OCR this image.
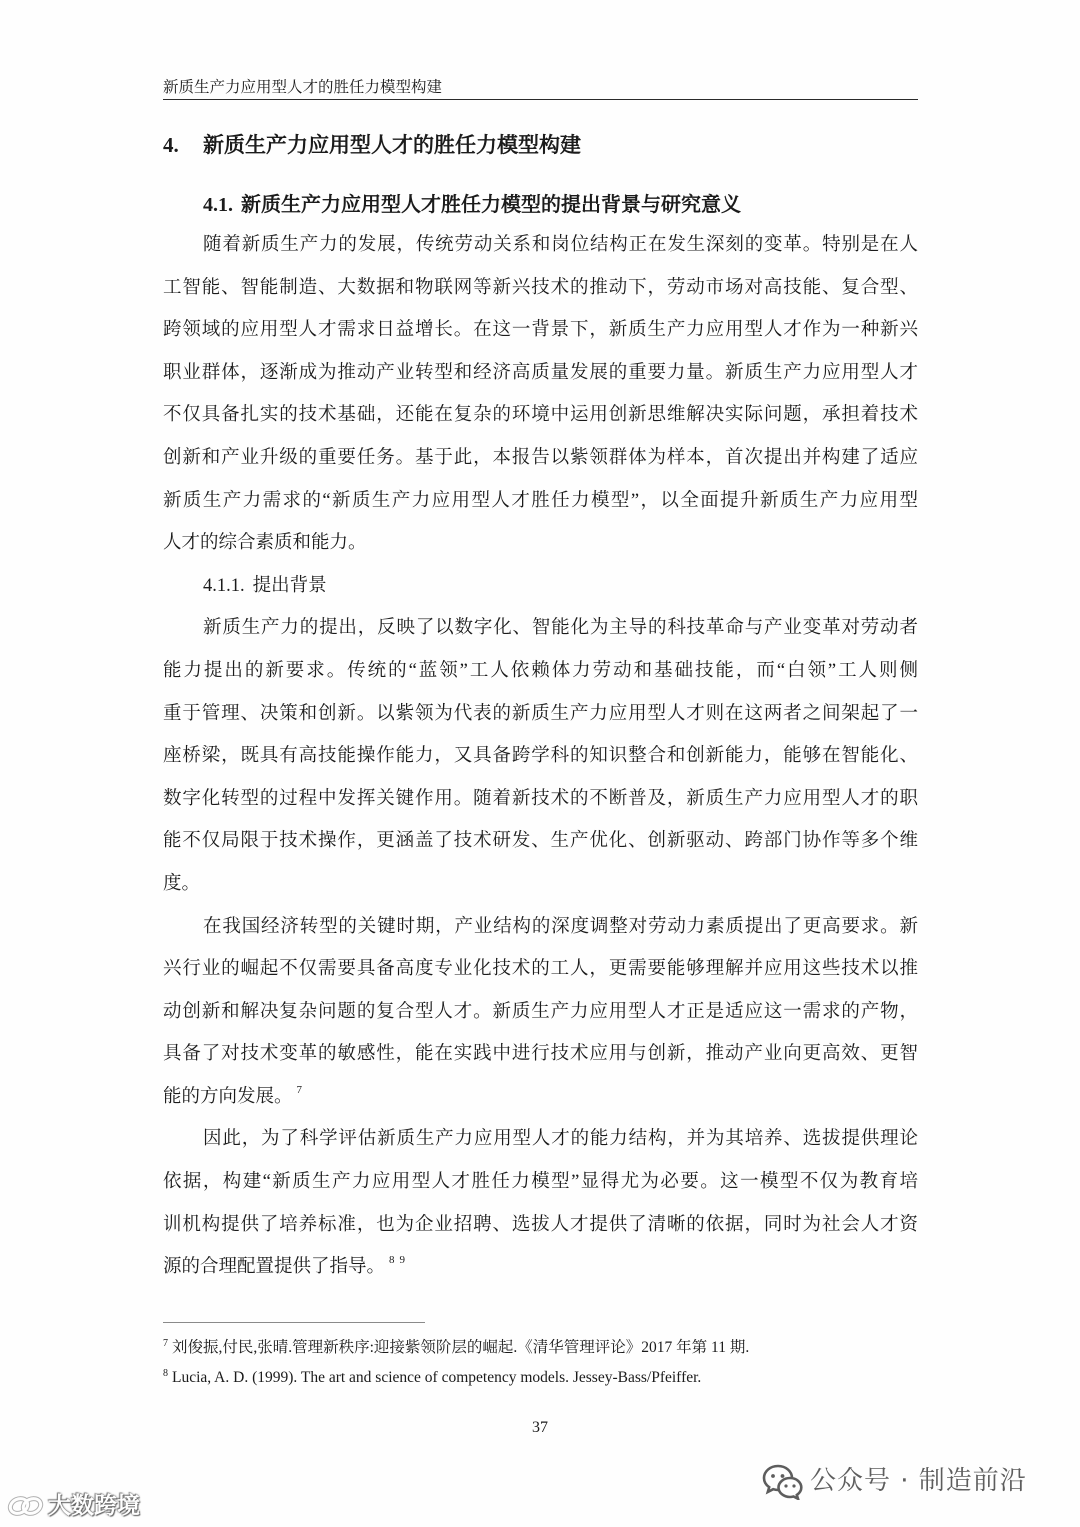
新质生产力应用型人才的胜任力模型构建
4. 新质生产力应用型人才的胜任力模型构建
4.1. 新质生产力应用型人才胜任力模型的提出背景与研究意义
随着新质生产力的发展，传统劳动关系和岗位结构正在发生深刻的变革。特别是在人
工智能、智能制造、大数据和物联网等新兴技术的推动下，劳动市场对高技能、复合型、
跨领域的应用型人才需求日益增长。在这一背景下，新质生产力应用型人才作为一种新兴
职业群体，逐渐成为推动产业转型和经济高质量发展的重要力量。新质生产力应用型人才
不仅具备扎实的技术基础，还能在复杂的环境中运用创新思维解决实际问题，承担着技术
创新和产业升级的重要任务。基于此，本报告以紫领群体为样本，首次提出并构建了适应
新质生产力需求的“新质生产力应用型人才胜任力模型”，以全面提升新质生产力应用型
人才的综合素质和能力。
4.1.1. 提出背景
新质生产力的提出，反映了以数字化、智能化为主导的科技革命与产业变革对劳动者
能力提出的新要求。传统的“蓝领”工人依赖体力劳动和基础技能，而“白领”工人则侧
重于管理、决策和创新。以紫领为代表的新质生产力应用型人才则在这两者之间架起了一
座桥梁，既具有高技能操作能力，又具备跨学科的知识整合和创新能力，能够在智能化、
数字化转型的过程中发挥关键作用。随着新技术的不断普及，新质生产力应用型人才的职
能不仅局限于技术操作，更涵盖了技术研发、生产优化、创新驱动、跨部门协作等多个维
度。
在我国经济转型的关键时期，产业结构的深度调整对劳动力素质提出了更高要求。新
兴行业的崛起不仅需要具备高度专业化技术的工人，更需要能够理解并应用这些技术以推
动创新和解决复杂问题的复合型人才。新质生产力应用型人才正是适应这一需求的产物，
具备了对技术变革的敏感性，能在实践中进行技术应用与创新，推动产业向更高效、更智
能的方向发展。 $^7$
因此，为了科学评估新质生产力应用型人才的能力结构，并为其培养、选拔提供理论
依据，构建“新质生产力应用型人才胜任力模型”显得尤为必要。这一模型不仅为教育培
训机构提供了培养标准，也为企业招聘、选拔人才提供了清晰的依据，同时为社会人才资
源的合理配置提供了指导。 $^8$ $^9$
$^7$ 刘俊振,付民,张晴.管理新秩序:迎接紫领阶层的崛起.《清华管理评论》2017 年第 11 期.
$^8$ Lucia, A. D. (1999). The art and science of competency models. Jessey-Bass/Pfeiffer.
37
公众号 · 制造前沿
大数跨境
